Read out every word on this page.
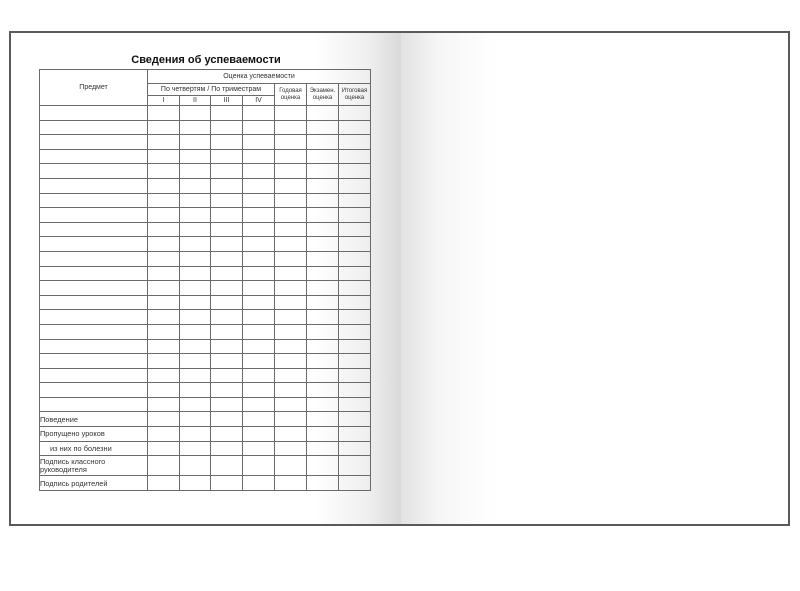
Сведения об успеваемости
Предмет	Оценка успеваемости						
	По четвертям / По триместрам				Годовая оценка	Экзамен. оценка	Итоговая оценка
	I	II	III	IV			

Поведение							
Пропущено уроков							
из них по болезни							
Подпись классного руководителя							
Подпись родителей							
